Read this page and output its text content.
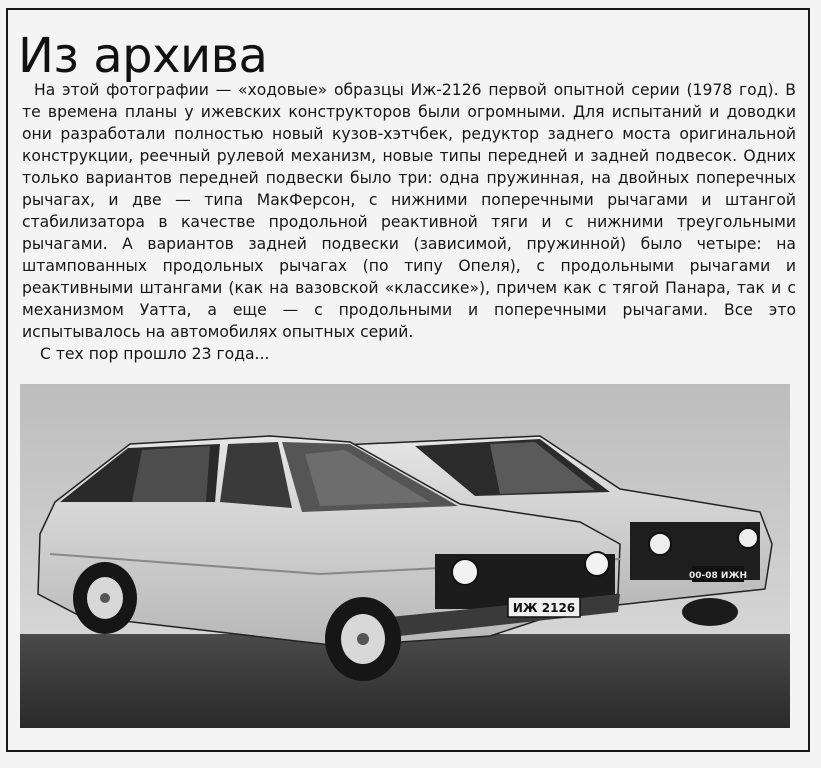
Из архива

На этой фотографии — «ходовые» образцы Иж-2126 первой опытной серии (1978 год). В те времена планы у ижевских конструкторов были огромными. Для испытаний и доводки они разработали полностью новый кузов-хэтчбек, редуктор заднего моста оригинальной конструкции, реечный рулевой механизм, новые типы передней и задней подвесок. Одних только вариантов передней подвески было три: одна пружинная, на двойных поперечных рычагах, и две — типа МакФерсон, с нижними поперечными рычагами и штангой стабилизатора в качестве продольной реактивной тяги и с нижними треугольными рычагами. А вариантов задней подвески (зависимой, пружинной) было четыре: на штампованных продольных рычагах (по типу Опеля), с продольными рычагами и реактивными штангами (как на вазовской «классике»), причем как с тягой Панара, так и с механизмом Уатта, а еще — с продольными и поперечными рычагами. Все это испытывалось на автомобилях опытных серий.

С тех пор прошло 23 года...

00-08 ИЖН
ИЖ 2126
